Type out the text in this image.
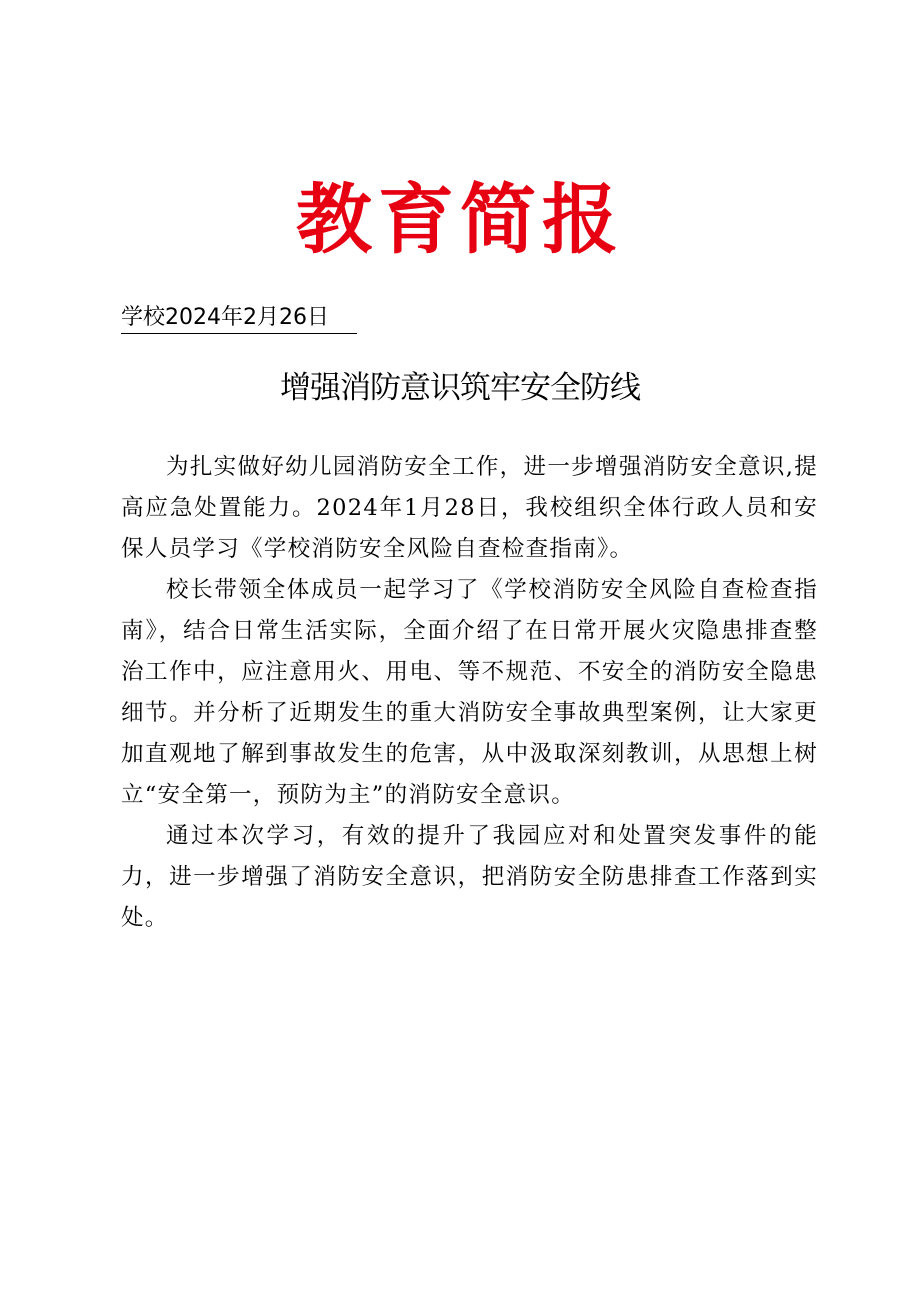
教育简报
学校2024年2月26日
增强消防意识筑牢安全防线

为扎实做好幼儿园消防安全工作，进一步增强消防安全意识,提高应急处置能力。2024年1月28日，我校组织全体行政人员和安保人员学习《学校消防安全风险自查检查指南》。

校长带领全体成员一起学习了《学校消防安全风险自查检查指南》，结合日常生活实际，全面介绍了在日常开展火灾隐患排查整治工作中，应注意用火、用电、等不规范、不安全的消防安全隐患细节。并分析了近期发生的重大消防安全事故典型案例，让大家更加直观地了解到事故发生的危害，从中汲取深刻教训，从思想上树立“安全第一，预防为主”的消防安全意识。

通过本次学习，有效的提升了我园应对和处置突发事件的能力，进一步增强了消防安全意识，把消防安全防患排查工作落到实处。
